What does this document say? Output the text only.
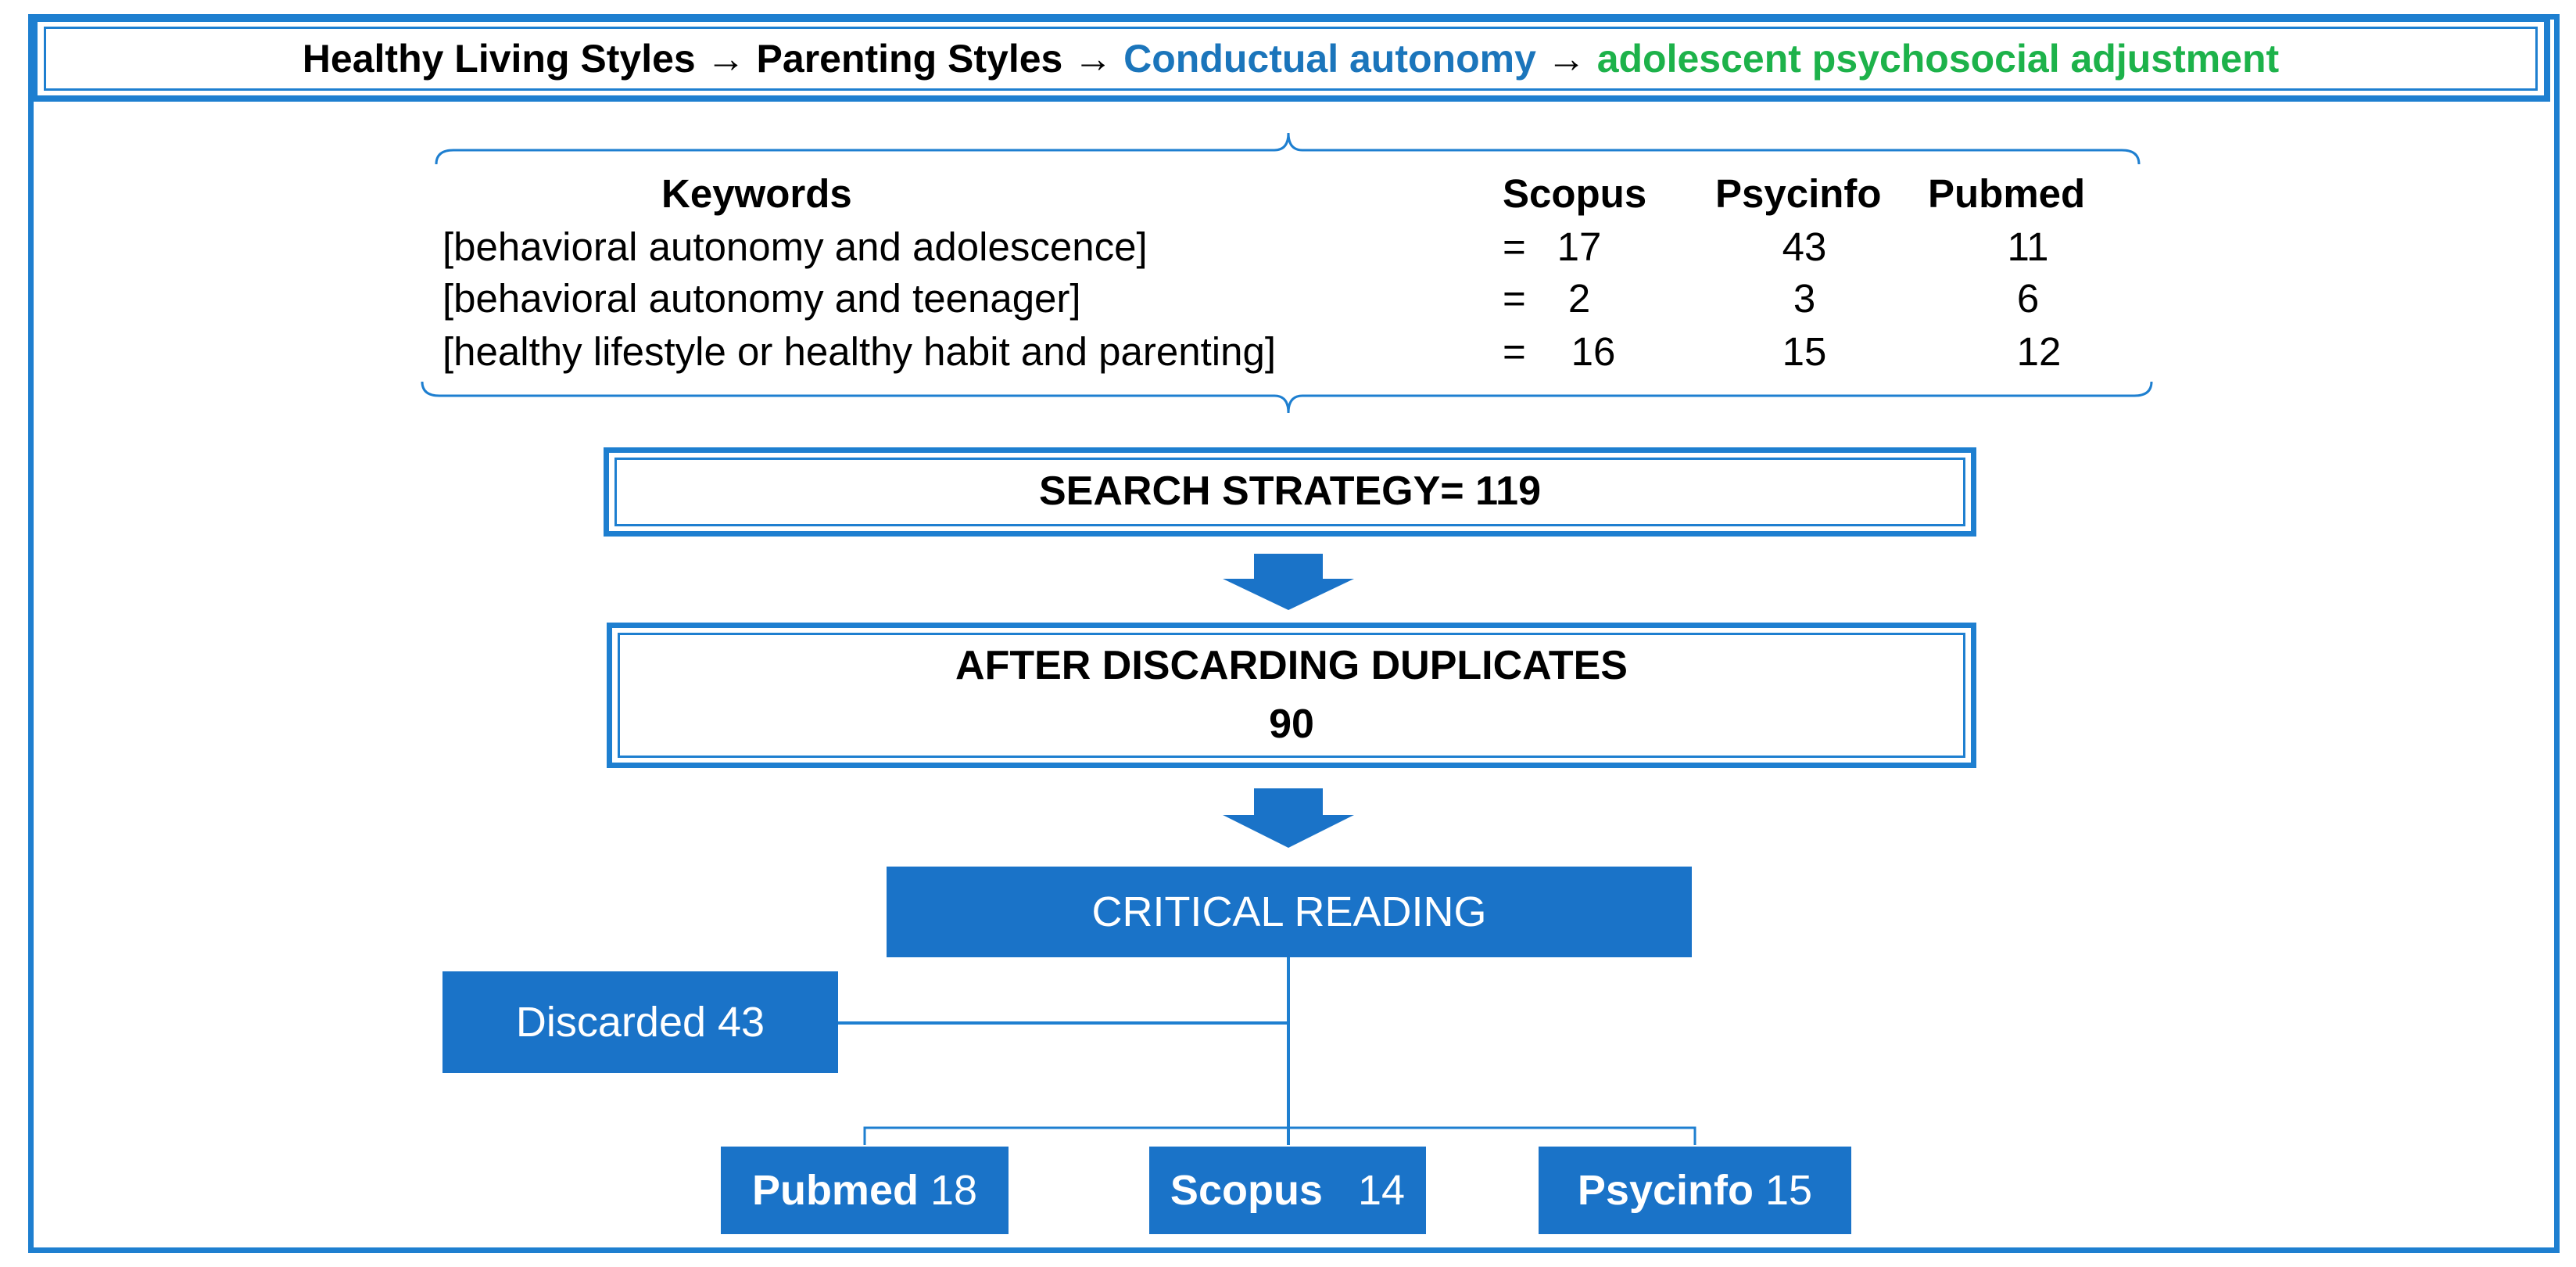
Healthy Living Styles → Parenting Styles → Conductual autonomy → adolescent psychosocial adjustment
Keywords	Scopus Psycinfo Pubmed
[behavioral autonomy and adolescence]	= 17	43	11
[behavioral autonomy and teenager]	=	2	3	6
[healthy lifestyle or healthy habit and parenting]	=	16	15	12
SEARCH STRATEGY= 119
AFTER DISCARDING DUPLICATES
90
CRITICAL READING
Discarded 43
Pubmed
18	Scopus
14	Psycinfo
15
